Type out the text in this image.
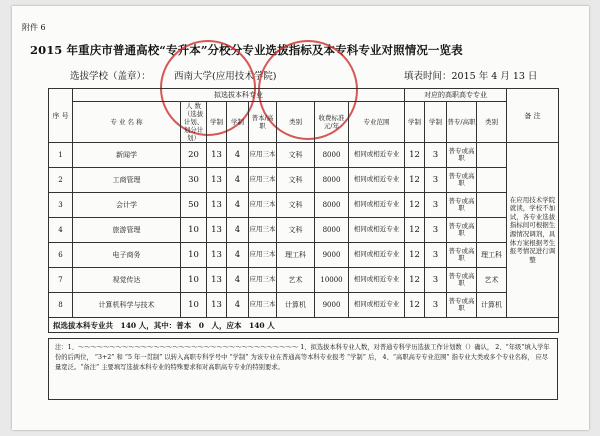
附件 6
2015 年重庆市普通高校“专升本”分校分专业选拔指标及本专科专业对照情况一览表
选拔学校（盖章）： 西南大学(应用技术学院)	填表时间：2015 年 4 月 13 日
序 号	拟选拔本科专业								对应的高职高专专业				备 注
	专 业 名 称	人 数（选拔计划、划分计划）	学制	学制	普本/高职	类别	收费标准元/年	专业范围	学制	学制	普专/高职	类别	
1	新闻学	20	13	4	应用三本	文科	8000	相同或相近专业	12	3	普专或高职		在应用技术学院就读，学校不加试，各专业选拔指标间可根据生源情况调剂，具体方案根据考生报考情况进行调整
2	工商管理	30	13	4	应用三本	文科	8000	相同或相近专业	12	3	普专或高职		
3	会计学	50	13	4	应用三本	文科	8000	相同或相近专业	12	3	普专或高职		
4	旅游管理	10	13	4	应用三本	文科	8000	相同或相近专业	12	3	普专或高职		
6	电子商务	10	13	4	应用三本	理工科	9000	相同或相近专业	12	3	普专或高职	理工科	
7	视觉传达	10	13	4	应用三本	艺术	10000	相同或相近专业	12	3	普专或高职	艺术	
8	计算机科学与技术	10	13	4	应用三本	计算机	9000	相同或相近专业	12	3	普专或高职	计算机	
拟选拔本科专业共　140 人，其中：普本　0　人，应本　140 人													
注：1、～～～～～～～～～～～～～～～～～～～～～～～～～～～～～～～～～～～ 1、拟选拔本科专业人数，对普通专科学历选拔工作计划数（）确认， 2、“年级”填入学年份的后两位， “3+2” 和 “5 年一贯制” 以转入高职专科学号中 “学制” 为该专业在普通高等本科专业报考 “学制” 后， 4、“高职高专专业范围” 指专业大类或多个专业名称， 应尽量宽泛。“备注” 主要填写选拔本科专业的特殊要求和对高职高专专业的特别要求。
